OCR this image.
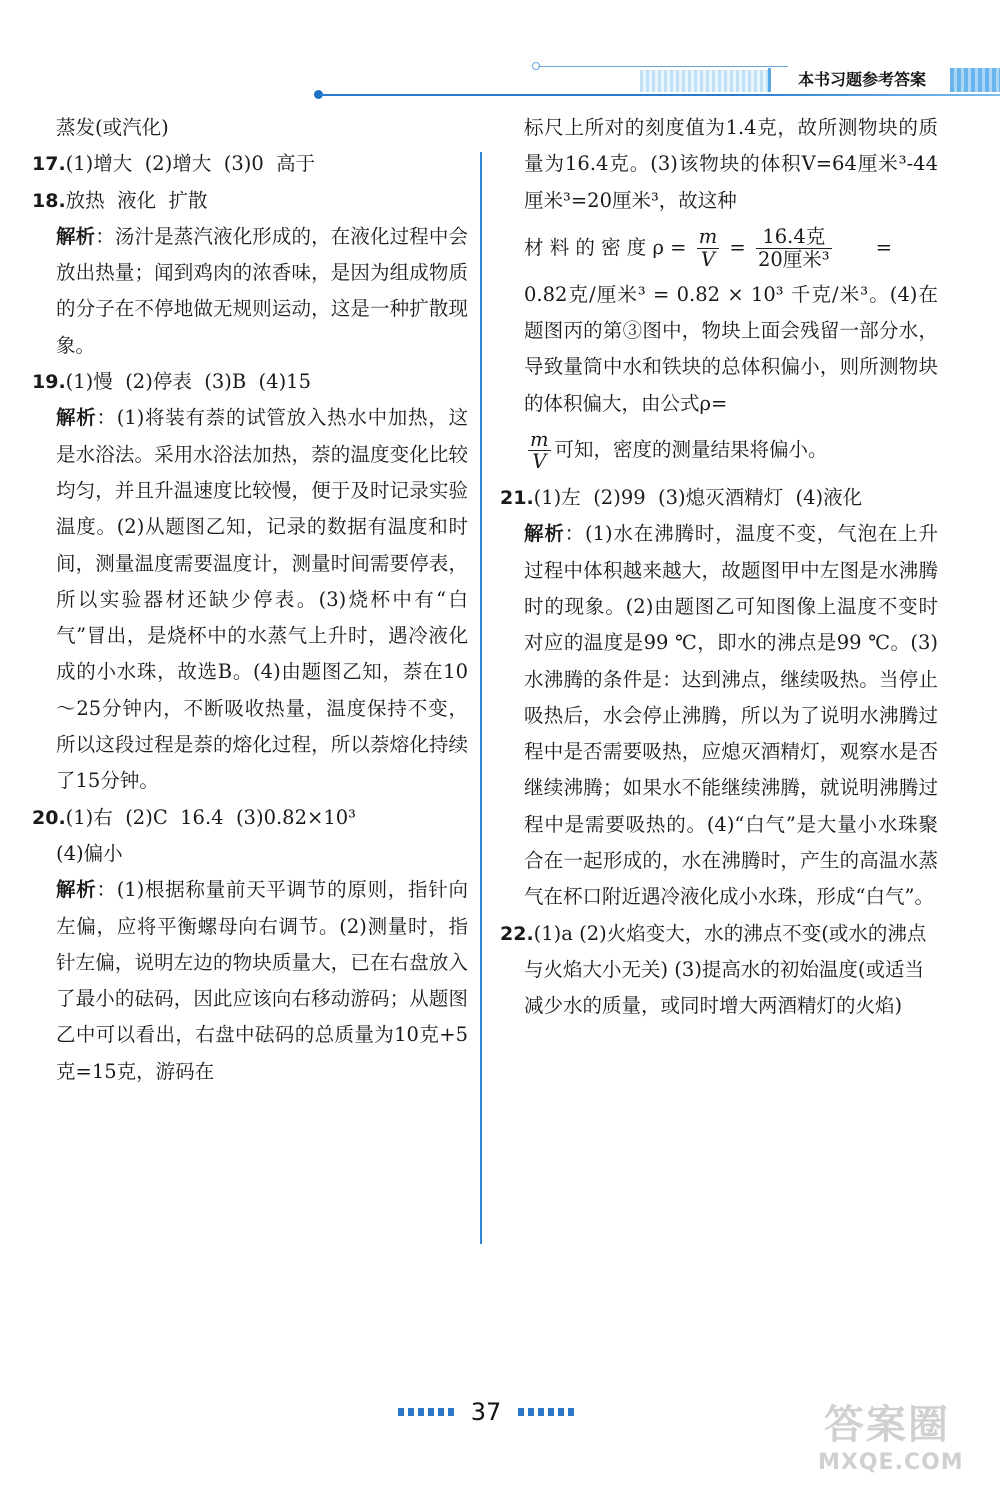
本书习题参考答案
蒸发(或汽化)
17.(1)增大  (2)增大  (3)0  高于
18.放热  液化  扩散
解析：汤汁是蒸汽液化形成的，在液化过程中会放出热量；闻到鸡肉的浓香味，是因为组成物质的分子在不停地做无规则运动，这是一种扩散现象。
19.(1)慢  (2)停表  (3)B  (4)15
解析：(1)将装有萘的试管放入热水中加热，这是水浴法。采用水浴法加热，萘的温度变化比较均匀，并且升温速度比较慢，便于及时记录实验温度。(2)从题图乙知，记录的数据有温度和时间，测量温度需要温度计，测量时间需要停表，所以实验器材还缺少停表。(3)烧杯中有“白气”冒出，是烧杯中的水蒸气上升时，遇冷液化成的小水珠，故选B。(4)由题图乙知，萘在10～25分钟内，不断吸收热量，温度保持不变，所以这段过程是萘的熔化过程，所以萘熔化持续了15分钟。
20.(1)右  (2)C  16.4  (3)0.82×10³
(4)偏小
解析：(1)根据称量前天平调节的原则，指针向左偏，应将平衡螺母向右调节。(2)测量时，指针左偏，说明左边的物块质量大，已在右盘放入了最小的砝码，因此应该向右移动游码；从题图乙中可以看出，右盘中砝码的总质量为10克+5克=15克，游码在
标尺上所对的刻度值为1.4克，故所测物块的质量为16.4克。(3)该物块的体积V=64厘米³-44厘米³=20厘米³，故这种
材 料 的 密 度 $\rho = \frac{m}{V} = \frac{\text{16.4克}}{\text{20厘米³}}$ =
0.82克/厘米³ = 0.82 × 10³ 千克/米³。(4)在题图丙的第③图中，物块上面会残留一部分水，导致量筒中水和铁块的总体积偏小，则所测物块的体积偏大，由公式ρ=
$\frac{m}{V}$ 可知，密度的测量结果将偏小。
21.(1)左  (2)99  (3)熄灭酒精灯  (4)液化
解析：(1)水在沸腾时，温度不变，气泡在上升过程中体积越来越大，故题图甲中左图是水沸腾时的现象。(2)由题图乙可知图像上温度不变时对应的温度是99 ℃，即水的沸点是99 ℃。(3)水沸腾的条件是：达到沸点，继续吸热。当停止吸热后，水会停止沸腾，所以为了说明水沸腾过程中是否需要吸热，应熄灭酒精灯，观察水是否继续沸腾；如果水不能继续沸腾，就说明沸腾过程中是需要吸热的。(4)“白气”是大量小水珠聚合在一起形成的，水在沸腾时，产生的高温水蒸气在杯口附近遇冷液化成小水珠，形成“白气”。
22.(1)a (2)火焰变大，水的沸点不变(或水的沸点与火焰大小无关) (3)提高水的初始温度(或适当减少水的质量，或同时增大两酒精灯的火焰)
37	答案圈
MXQE.COM
